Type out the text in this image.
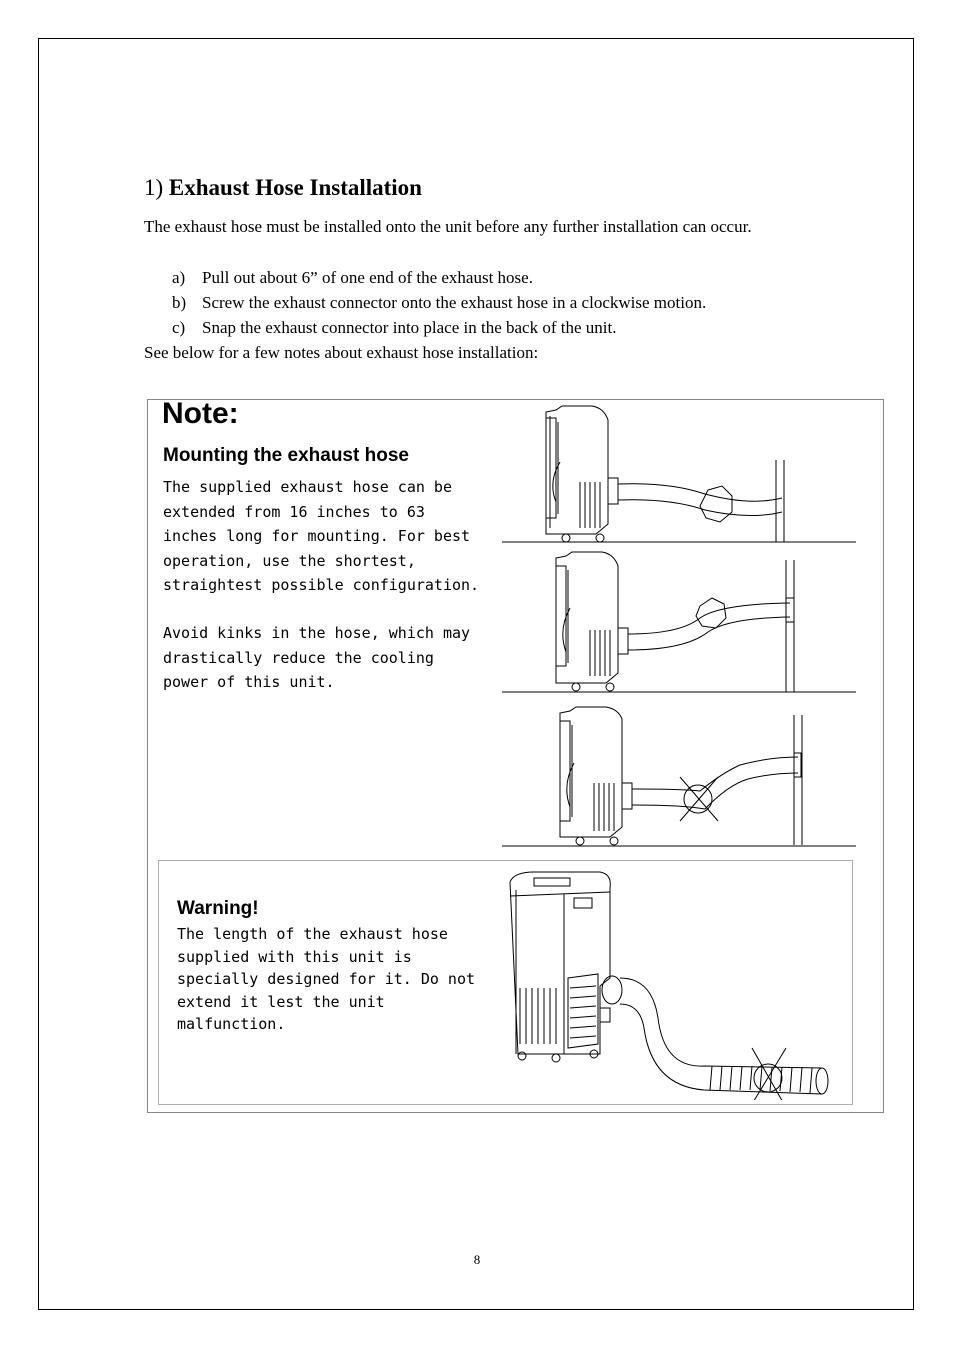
1) Exhaust Hose Installation

The exhaust hose must be installed onto the unit before any further installation can occur.

a) Pull out about 6” of one end of the exhaust hose.
b) Screw the exhaust connector onto the exhaust hose in a clockwise motion.
c) Snap the exhaust connector into place in the back of the unit.

See below for a few notes about exhaust hose installation:

Note:
Mounting the exhaust hose
The supplied exhaust hose can be
extended from 16 inches to 63
inches long for mounting. For best
operation, use the shortest,
straightest possible configuration.
Avoid kinks in the hose, which may
drastically reduce the cooling
power of this unit.
Warning!
The length of the exhaust hose
supplied with this unit is
specially designed for it. Do not
extend it lest the unit
malfunction.

8
